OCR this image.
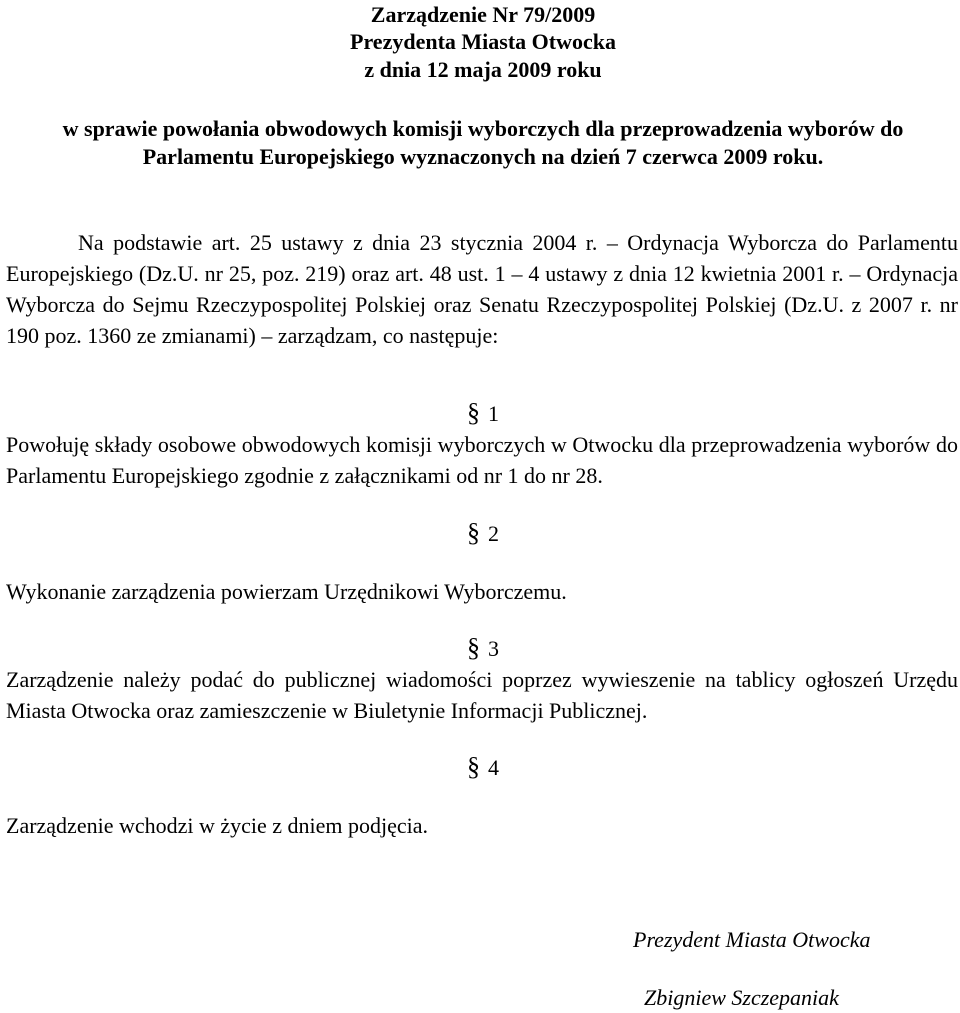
Zarządzenie Nr 79/2009

Prezydenta Miasta Otwocka

z dnia 12 maja 2009 roku

w sprawie powołania obwodowych komisji wyborczych dla przeprowadzenia wyborów do

Parlamentu Europejskiego wyznaczonych na dzień 7 czerwca 2009 roku.

Na podstawie art. 25 ustawy z dnia 23 stycznia 2004 r. – Ordynacja Wyborcza do Parlamentu Europejskiego (Dz.U. nr 25, poz. 219) oraz art. 48 ust. 1 – 4 ustawy z dnia 12 kwietnia 2001 r. – Ordynacja Wyborcza do Sejmu Rzeczypospolitej Polskiej oraz Senatu Rzeczypospolitej Polskiej (Dz.U. z 2007 r. nr 190 poz. 1360 ze zmianami) – zarządzam, co następuje:

§ 1

Powołuję składy osobowe obwodowych komisji wyborczych w Otwocku dla przeprowadzenia wyborów do Parlamentu Europejskiego zgodnie z załącznikami od nr 1 do nr 28.

§ 2

Wykonanie zarządzenia powierzam Urzędnikowi Wyborczemu.

§ 3

Zarządzenie należy podać do publicznej wiadomości poprzez wywieszenie na tablicy ogłoszeń Urzędu Miasta Otwocka oraz zamieszczenie w Biuletynie Informacji Publicznej.

§ 4

Zarządzenie wchodzi w życie z dniem podjęcia.

Prezydent Miasta Otwocka

Zbigniew Szczepaniak
